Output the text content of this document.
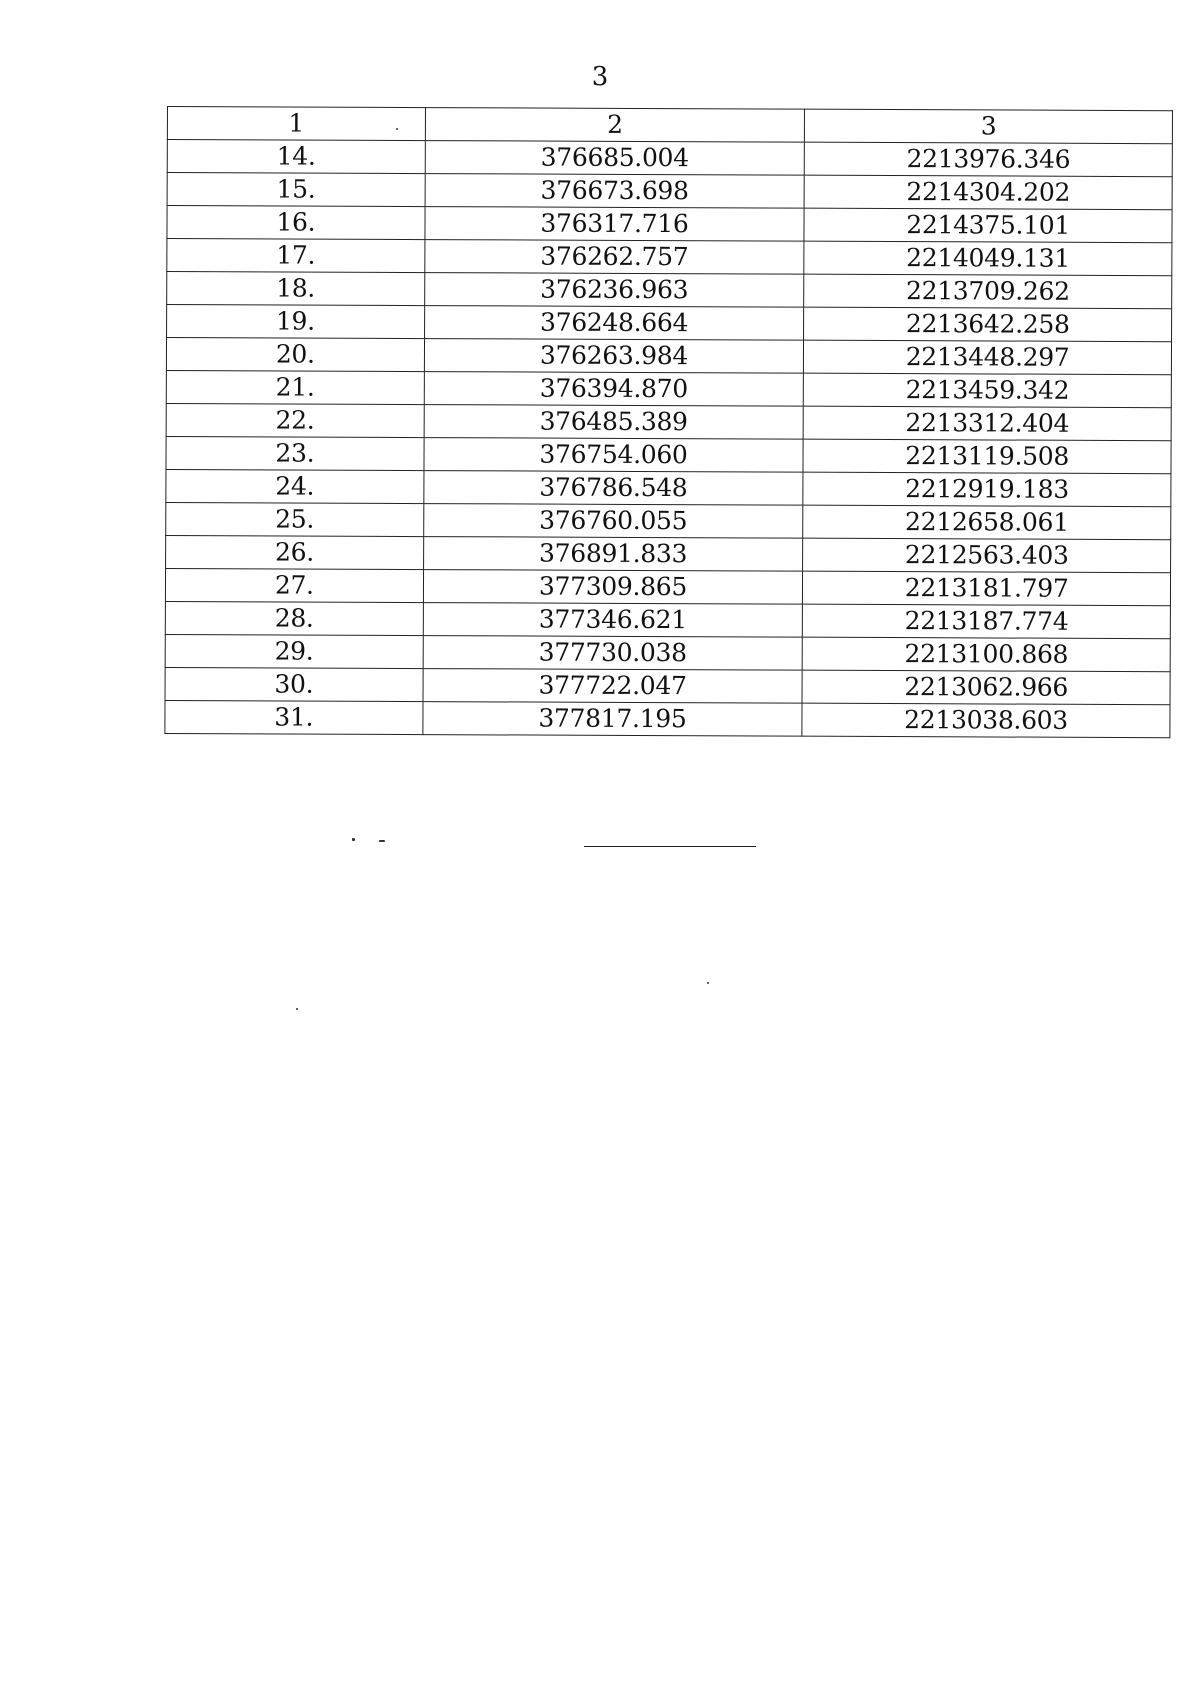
3
1	2	3
14.	376685.004	2213976.346
15.	376673.698	2214304.202
16.	376317.716	2214375.101
17.	376262.757	2214049.131
18.	376236.963	2213709.262
19.	376248.664	2213642.258
20.	376263.984	2213448.297
21.	376394.870	2213459.342
22.	376485.389	2213312.404
23.	376754.060	2213119.508
24.	376786.548	2212919.183
25.	376760.055	2212658.061
26.	376891.833	2212563.403
27.	377309.865	2213181.797
28.	377346.621	2213187.774
29.	377730.038	2213100.868
30.	377722.047	2213062.966
31.	377817.195	2213038.603
